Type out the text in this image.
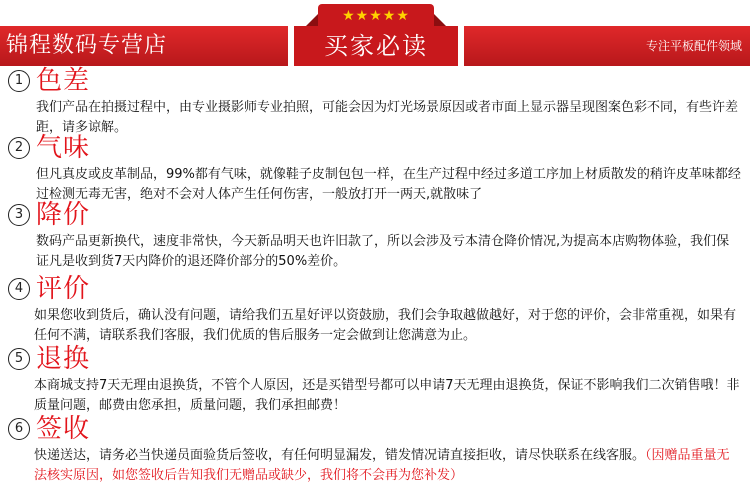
锦程数码专营店	专注平板配件领域
买家必读
★★★★★
1 色差
我们产品在拍摄过程中，由专业摄影师专业拍照，可能会因为灯光场景原因或者市面上显示器呈现图案色彩不同，有些许差距，请多谅解。
2 气味
但凡真皮或皮革制品，99%都有气味，就像鞋子皮制包包一样，在生产过程中经过多道工序加上材质散发的稍许皮革味都经过检测无毒无害，绝对不会对人体产生任何伤害，一般放打开一两天,就散味了
3 降价
数码产品更新换代，速度非常快，今天新品明天也许旧款了，所以会涉及亏本清仓降价情况,为提高本店购物体验，我们保证凡是收到货7天内降价的退还降价部分的50%差价。
4 评价
如果您收到货后，确认没有问题，请给我们五星好评以资鼓励，我们会争取越做越好，对于您的评价，会非常重视，如果有任何不满，请联系我们客服，我们优质的售后服务一定会做到让您满意为止。
5 退换
本商城支持7天无理由退换货，不管个人原因，还是买错型号都可以申请7天无理由退换货，保证不影响我们二次销售哦！非质量问题，邮费由您承担，质量问题，我们承担邮费！
6 签收
快递送达，请务必当快递员面验货后签收，有任何明显漏发，错发情况请直接拒收，请尽快联系在线客服。（因赠品重量无法核实原因，如您签收后告知我们无赠品或缺少，我们将不会再为您补发）
